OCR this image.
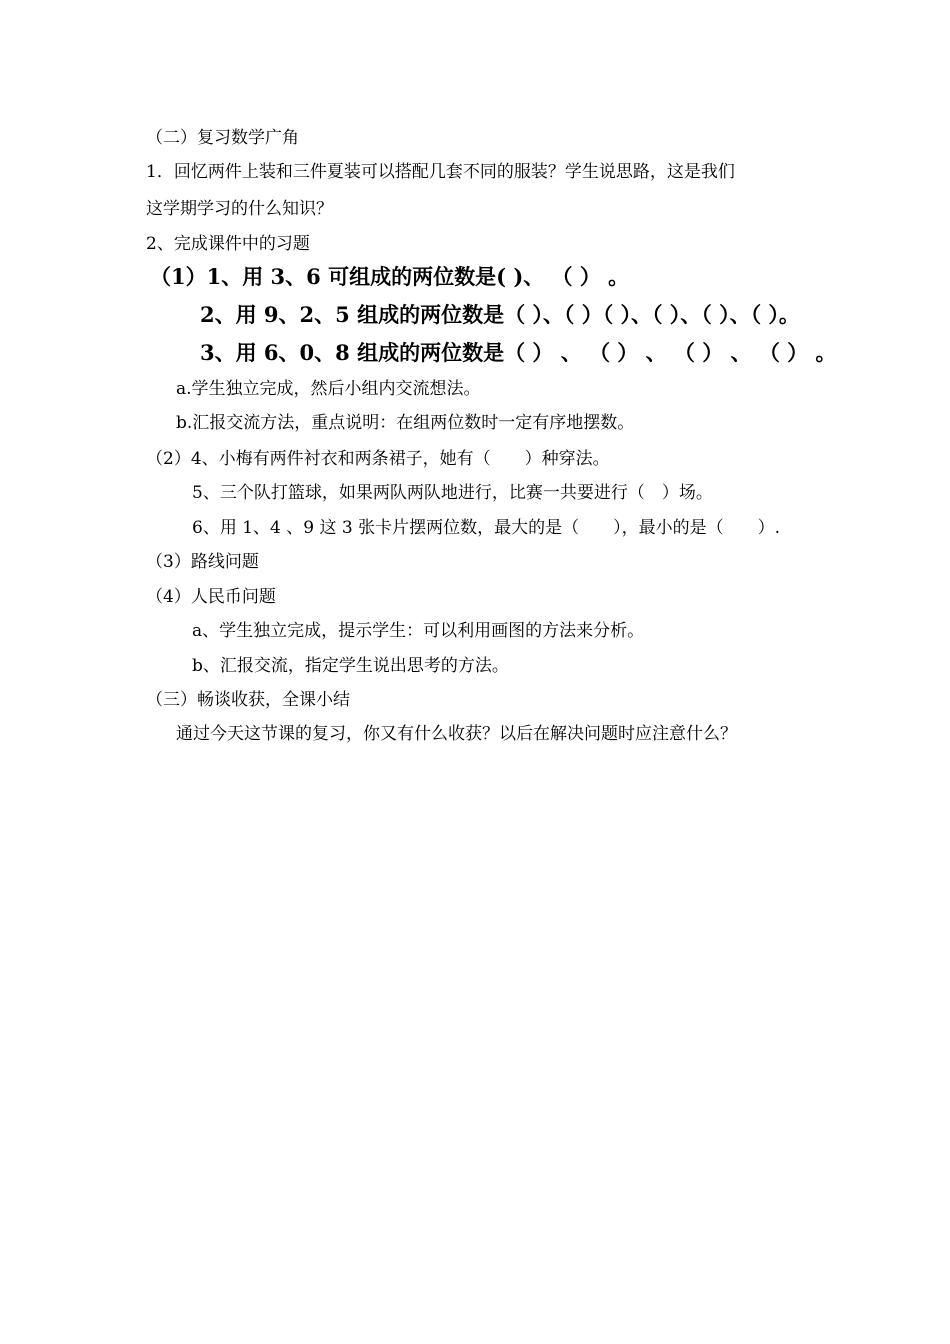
（二）复习数学广角
1．回忆两件上装和三件夏装可以搭配几套不同的服装？学生说思路，这是我们
这学期学习的什么知识？
2、完成课件中的习题
（1）1、用 3、6 可组成的两位数是( )、 （ ） 。
2、用 9、2、5 组成的两位数是（ ）、（ ）（ ）、（ ）、（ ）、（ ）。
3、用 6、0、8 组成的两位数是（ ） 、 （ ） 、 （ ） 、 （ ） 。
a.学生独立完成，然后小组内交流想法。
b.汇报交流方法，重点说明：在组两位数时一定有序地摆数。
（2）4、小梅有两件衬衣和两条裙子，她有（　　）种穿法。
5、三个队打篮球，如果两队两队地进行，比赛一共要进行（　）场。
6、用 1、4 、9 这 3 张卡片摆两位数，最大的是（　　），最小的是（　　）.
（3）路线问题
（4）人民币问题
a、学生独立完成，提示学生：可以利用画图的方法来分析。
b、汇报交流，指定学生说出思考的方法。
（三）畅谈收获，全课小结
通过今天这节课的复习，你又有什么收获？以后在解决问题时应注意什么？
